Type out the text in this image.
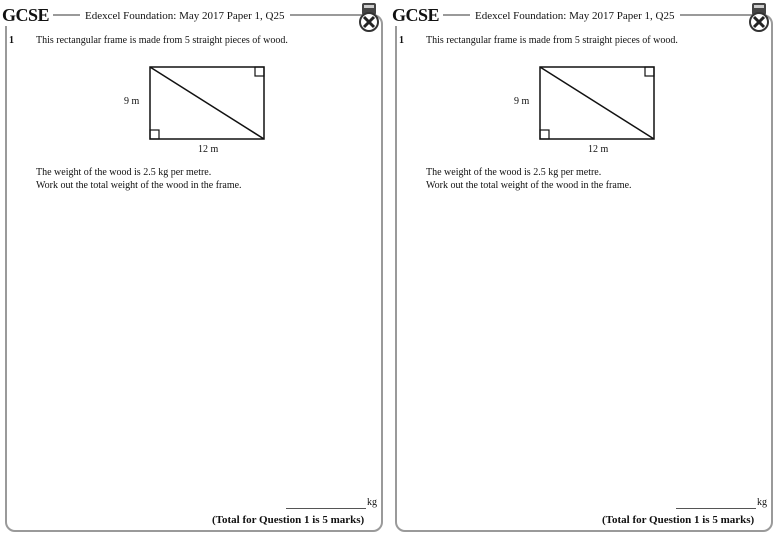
GCSE	Edexcel Foundation: May 2017 Paper 1, Q25
1 This rectangular frame is made from 5 straight pieces of wood.
9 m
12 m
The weight of the wood is 2.5 kg per metre.
Work out the total weight of the wood in the frame.
kg
(Total for Question 1 is 5 marks)
GCSE	Edexcel Foundation: May 2017 Paper 1, Q25
1 This rectangular frame is made from 5 straight pieces of wood.
9 m
12 m
The weight of the wood is 2.5 kg per metre.
Work out the total weight of the wood in the frame.
kg
(Total for Question 1 is 5 marks)
